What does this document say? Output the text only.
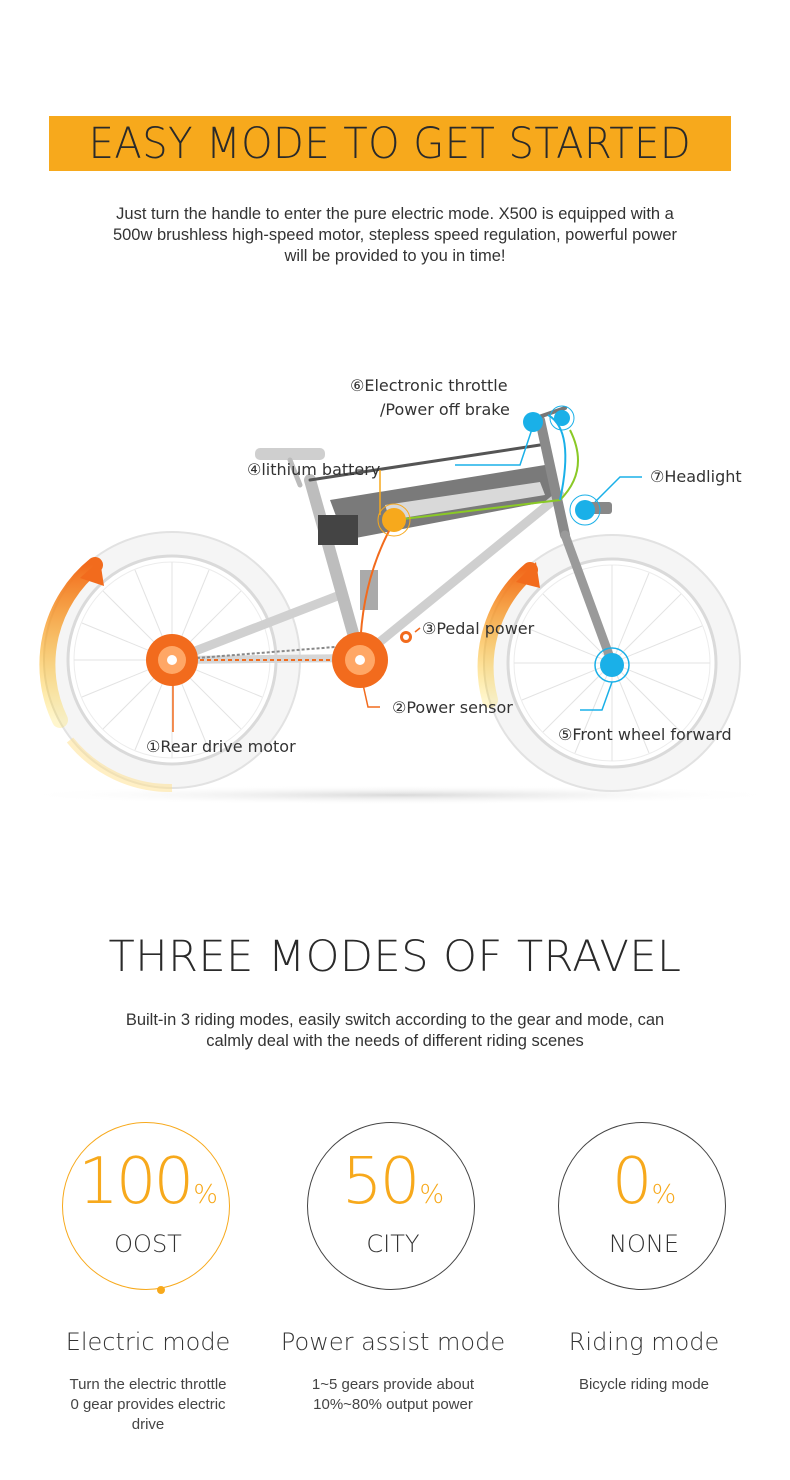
EASY MODE TO GET STARTED
Just turn the handle to enter the pure electric mode. X500 is equipped with a
500w brushless high-speed motor, stepless speed regulation, powerful power
will be provided to you in time!
⑥Electronic throttle
/Power off brake
④lithium battery	⑦Headlight
③Pedal power
②Power sensor
①Rear drive motor
⑤Front wheel forward
THREE MODES OF TRAVEL
Built-in 3 riding modes, easily switch according to the gear and mode, can
calmly deal with the needs of different riding scenes
100%
OOST
Electric mode
Turn the electric throttle
0 gear provides electric
drive
50%
CITY
Power assist mode
1~5 gears provide about
10%~80% output power
0%
NONE
Riding mode
Bicycle riding mode
